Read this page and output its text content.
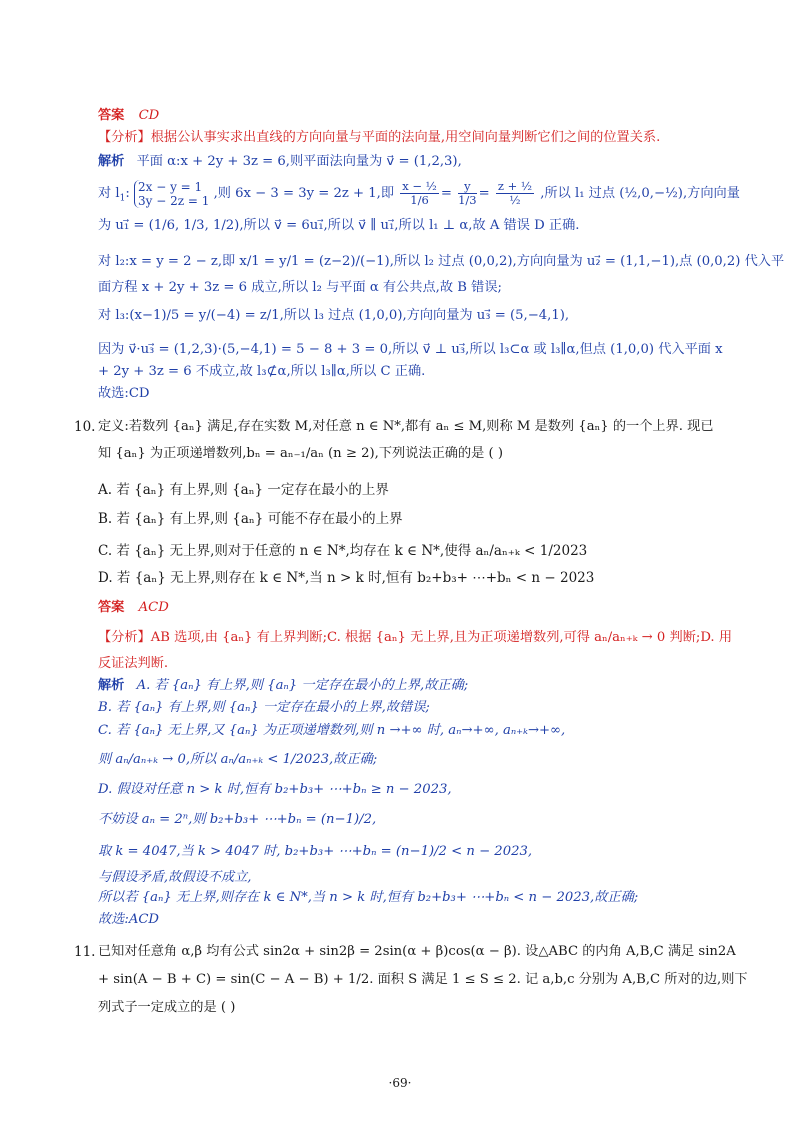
答案 CD
【分析】根据公认事实求出直线的方向向量与平面的法向量,用空间向量判断它们之间的位置关系.
解析 平面 α:x + 2y + 3z = 6,则平面法向量为 v⃗ = (1,2,3),
对 $l_1$: 2x − y = 1
3y − 2z = 1 ,则 6x − 3 = 3y = 2z + 1,即 $\frac{\text{x − ½}}{1/6} = \frac{y}{1/3} = \frac{\text{z + ½}}{\text{½}}$ ,所以 l₁ 过点 (½,0,−½),方向向量
为 u₁⃗ = (1/6, 1/3, 1/2),所以 v⃗ = 6u₁⃗,所以 v⃗ ∥ u₁⃗,所以 l₁ ⊥ α,故 A 错误 D 正确.
对 l₂:x = y = 2 − z,即 x/1 = y/1 = (z−2)/(−1),所以 l₂ 过点 (0,0,2),方向向量为 u₂⃗ = (1,1,−1),点 (0,0,2) 代入平
面方程 x + 2y + 3z = 6 成立,所以 l₂ 与平面 α 有公共点,故 B 错误;
对 l₃:(x−1)/5 = y/(−4) = z/1,所以 l₃ 过点 (1,0,0),方向向量为 u₃⃗ = (5,−4,1),
因为 v⃗·u₃⃗ = (1,2,3)·(5,−4,1) = 5 − 8 + 3 = 0,所以 v⃗ ⊥ u₃⃗,所以 l₃⊂α 或 l₃∥α,但点 (1,0,0) 代入平面 x
+ 2y + 3z = 6 不成立,故 l₃⊄α,所以 l₃∥α,所以 C 正确.
故选:CD
10. 定义:若数列 {aₙ} 满足,存在实数 M,对任意 n ∈ N*,都有 aₙ ≤ M,则称 M 是数列 {aₙ} 的一个上界. 现已
知 {aₙ} 为正项递增数列,bₙ = aₙ₋₁/aₙ (n ≥ 2),下列说法正确的是 ( )
A. 若 {aₙ} 有上界,则 {aₙ} 一定存在最小的上界
B. 若 {aₙ} 有上界,则 {aₙ} 可能不存在最小的上界
C. 若 {aₙ} 无上界,则对于任意的 n ∈ N*,均存在 k ∈ N*,使得 aₙ/aₙ₊ₖ < 1/2023
D. 若 {aₙ} 无上界,则存在 k ∈ N*,当 n > k 时,恒有 b₂+b₃+ ⋯+bₙ < n − 2023
答案 ACD
【分析】AB 选项,由 {aₙ} 有上界判断;C. 根据 {aₙ} 无上界,且为正项递增数列,可得 aₙ/aₙ₊ₖ → 0 判断;D. 用
反证法判断.
解析 A. 若 {aₙ} 有上界,则 {aₙ} 一定存在最小的上界,故正确;
B. 若 {aₙ} 有上界,则 {aₙ} 一定存在最小的上界,故错误;
C. 若 {aₙ} 无上界,又 {aₙ} 为正项递增数列,则 n →+∞ 时, aₙ→+∞, aₙ₊ₖ→+∞,
则 aₙ/aₙ₊ₖ → 0,所以 aₙ/aₙ₊ₖ < 1/2023,故正确;
D. 假设对任意 n > k 时,恒有 b₂+b₃+ ⋯+bₙ ≥ n − 2023,
不妨设 aₙ = 2ⁿ,则 b₂+b₃+ ⋯+bₙ = (n−1)/2,
取 k = 4047,当 k > 4047 时, b₂+b₃+ ⋯+bₙ = (n−1)/2 < n − 2023,
与假设矛盾,故假设不成立,
所以若 {aₙ} 无上界,则存在 k ∈ N*,当 n > k 时,恒有 b₂+b₃+ ⋯+bₙ < n − 2023,故正确;
故选:ACD
11. 已知对任意角 α,β 均有公式 sin2α + sin2β = 2sin(α + β)cos(α − β). 设△ABC 的内角 A,B,C 满足 sin2A
+ sin(A − B + C) = sin(C − A − B) + 1/2. 面积 S 满足 1 ≤ S ≤ 2. 记 a,b,c 分别为 A,B,C 所对的边,则下
列式子一定成立的是 ( )
·69·
